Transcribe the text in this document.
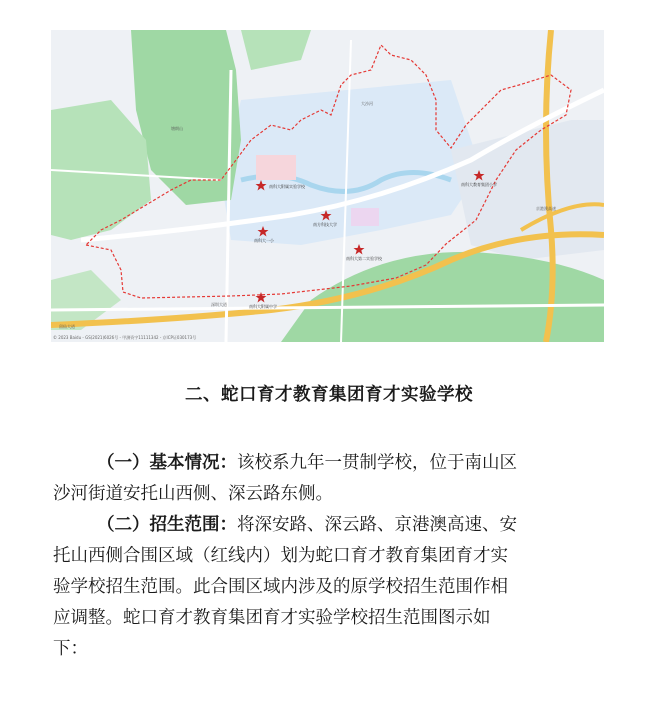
南科大附属实验学校
南科大一小
南方科技大学
南科大第二实验学校
南科大附属中学
南科大教育集团小学
塘朗山
大沙河
留仙大道
深圳大道
京港澳高速
© 2023 Baidu - GS(2021)6026号 - 甲测资字11111342 - 京ICP证030173号
二、蛇口育才教育集团育才实验学校
（一）基本情况：该校系九年一贯制学校，位于南山区
沙河街道安托山西侧、深云路东侧。
（二）招生范围：将深安路、深云路、京港澳高速、安
托山西侧合围区域（红线内）划为蛇口育才教育集团育才实
验学校招生范围。此合围区域内涉及的原学校招生范围作相
应调整。蛇口育才教育集团育才实验学校招生范围图示如
下：
